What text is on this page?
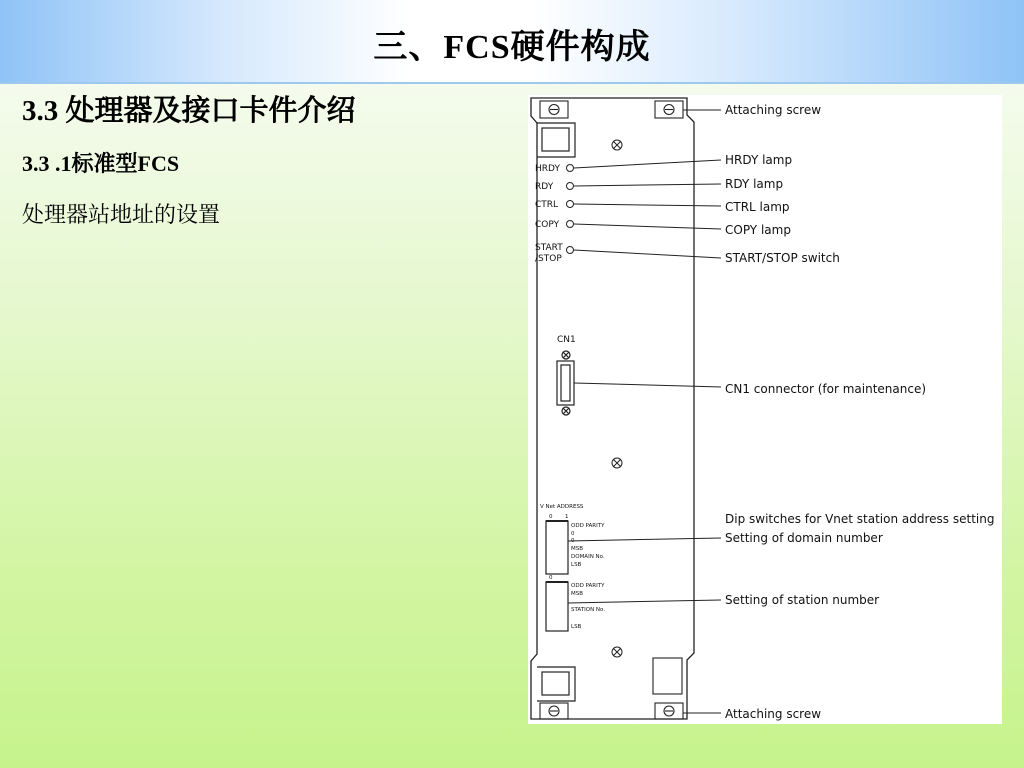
三、FCS硬件构成
3.3 处理器及接口卡件介绍
3.3 .1标准型FCS

处理器站地址的设置

HRDY
RDY
CTRL
COPY
START
/STOP
CN1
V Net ADDRESS
0 1
0
ODD PARITY
0
MSB
DOMAIN No.
LSB
ODD PARITY
MSB
STATION No.
LSB
Attaching screw
HRDY lamp
RDY lamp
CTRL lamp
COPY lamp
START/STOP switch
CN1 connector (for maintenance)
Dip switches for Vnet station address setting
Setting of domain number
Setting of station number
Attaching screw
